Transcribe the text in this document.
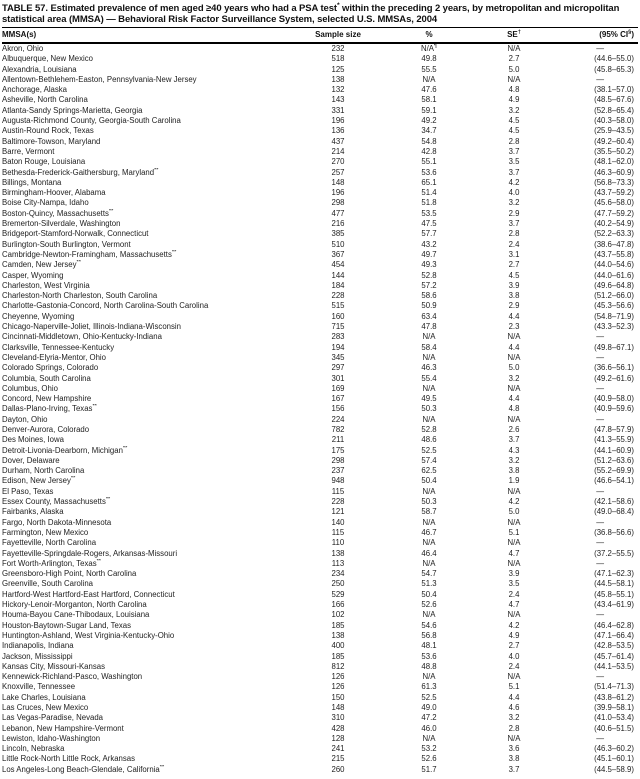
TABLE 57. Estimated prevalence of men aged ≥40 years who had a PSA test* within the preceding 2 years, by metropolitan and micropolitan statistical area (MMSA) — Behavioral Risk Factor Surveillance System, selected U.S. MMSAs, 2004
MMSA(s)	Sample size	%	SE†	(95% CI§)
Akron, Ohio	232	N/A¶	N/A	—
Albuquerque, New Mexico	518	49.8	2.7	(44.6–55.0)
Alexandria, Louisiana	125	55.5	5.0	(45.8–65.3)
Allentown-Bethlehem-Easton, Pennsylvania-New Jersey	138	N/A	N/A	—
Anchorage, Alaska	132	47.6	4.8	(38.1–57.0)
Asheville, North Carolina	143	58.1	4.9	(48.5–67.6)
Atlanta-Sandy Springs-Marietta, Georgia	331	59.1	3.2	(52.8–65.4)
Augusta-Richmond County, Georgia-South Carolina	196	49.2	4.5	(40.3–58.0)
Austin-Round Rock, Texas	136	34.7	4.5	(25.9–43.5)
Baltimore-Towson, Maryland	437	54.8	2.8	(49.2–60.4)
Barre, Vermont	214	42.8	3.7	(35.5–50.2)
Baton Rouge, Louisiana	270	55.1	3.5	(48.1–62.0)
Bethesda-Frederick-Gaithersburg, Maryland**	257	53.6	3.7	(46.3–60.9)
Billings, Montana	148	65.1	4.2	(56.8–73.3)
Birmingham-Hoover, Alabama	196	51.4	4.0	(43.7–59.2)
Boise City-Nampa, Idaho	298	51.8	3.2	(45.6–58.0)
Boston-Quincy, Massachusetts**	477	53.5	2.9	(47.7–59.2)
Bremerton-Silverdale, Washington	216	47.5	3.7	(40.2–54.9)
Bridgeport-Stamford-Norwalk, Connecticut	385	57.7	2.8	(52.2–63.3)
Burlington-South Burlington, Vermont	510	43.2	2.4	(38.6–47.8)
Cambridge-Newton-Framingham, Massachusetts**	367	49.7	3.1	(43.7–55.8)
Camden, New Jersey**	454	49.3	2.7	(44.0–54.6)
Casper, Wyoming	144	52.8	4.5	(44.0–61.6)
Charleston, West Virginia	184	57.2	3.9	(49.6–64.8)
Charleston-North Charleston, South Carolina	228	58.6	3.8	(51.2–66.0)
Charlotte-Gastonia-Concord, North Carolina-South Carolina	515	50.9	2.9	(45.3–56.6)
Cheyenne, Wyoming	160	63.4	4.4	(54.8–71.9)
Chicago-Naperville-Joliet, Illinois-Indiana-Wisconsin	715	47.8	2.3	(43.3–52.3)
Cincinnati-Middletown, Ohio-Kentucky-Indiana	283	N/A	N/A	—
Clarksville, Tennessee-Kentucky	194	58.4	4.4	(49.8–67.1)
Cleveland-Elyria-Mentor, Ohio	345	N/A	N/A	—
Colorado Springs, Colorado	297	46.3	5.0	(36.6–56.1)
Columbia, South Carolina	301	55.4	3.2	(49.2–61.6)
Columbus, Ohio	169	N/A	N/A	—
Concord, New Hampshire	167	49.5	4.4	(40.9–58.0)
Dallas-Plano-Irving, Texas**	156	50.3	4.8	(40.9–59.6)
Dayton, Ohio	224	N/A	N/A	—
Denver-Aurora, Colorado	782	52.8	2.6	(47.8–57.9)
Des Moines, Iowa	211	48.6	3.7	(41.3–55.9)
Detroit-Livonia-Dearborn, Michigan**	175	52.5	4.3	(44.1–60.9)
Dover, Delaware	298	57.4	3.2	(51.2–63.6)
Durham, North Carolina	237	62.5	3.8	(55.2–69.9)
Edison, New Jersey**	948	50.4	1.9	(46.6–54.1)
El Paso, Texas	115	N/A	N/A	—
Essex County, Massachusetts**	228	50.3	4.2	(42.1–58.6)
Fairbanks, Alaska	121	58.7	5.0	(49.0–68.4)
Fargo, North Dakota-Minnesota	140	N/A	N/A	—
Farmington, New Mexico	115	46.7	5.1	(36.8–56.6)
Fayetteville, North Carolina	110	N/A	N/A	—
Fayetteville-Springdale-Rogers, Arkansas-Missouri	138	46.4	4.7	(37.2–55.5)
Fort Worth-Arlington, Texas**	113	N/A	N/A	—
Greensboro-High Point, North Carolina	234	54.7	3.9	(47.1–62.3)
Greenville, South Carolina	250	51.3	3.5	(44.5–58.1)
Hartford-West Hartford-East Hartford, Connecticut	529	50.4	2.4	(45.8–55.1)
Hickory-Lenoir-Morganton, North Carolina	166	52.6	4.7	(43.4–61.9)
Houma-Bayou Cane-Thibodaux, Louisiana	102	N/A	N/A	—
Houston-Baytown-Sugar Land, Texas	185	54.6	4.2	(46.4–62.8)
Huntington-Ashland, West Virginia-Kentucky-Ohio	138	56.8	4.9	(47.1–66.4)
Indianapolis, Indiana	400	48.1	2.7	(42.8–53.5)
Jackson, Mississippi	185	53.6	4.0	(45.7–61.4)
Kansas City, Missouri-Kansas	812	48.8	2.4	(44.1–53.5)
Kennewick-Richland-Pasco, Washington	126	N/A	N/A	—
Knoxville, Tennessee	126	61.3	5.1	(51.4–71.3)
Lake Charles, Louisiana	150	52.5	4.4	(43.8–61.2)
Las Cruces, New Mexico	148	49.0	4.6	(39.9–58.1)
Las Vegas-Paradise, Nevada	310	47.2	3.2	(41.0–53.4)
Lebanon, New Hampshire-Vermont	428	46.0	2.8	(40.6–51.5)
Lewiston, Idaho-Washington	128	N/A	N/A	—
Lincoln, Nebraska	241	53.2	3.6	(46.3–60.2)
Little Rock-North Little Rock, Arkansas	215	52.6	3.8	(45.1–60.1)
Los Angeles-Long Beach-Glendale, California**	260	51.7	3.7	(44.5–58.9)
